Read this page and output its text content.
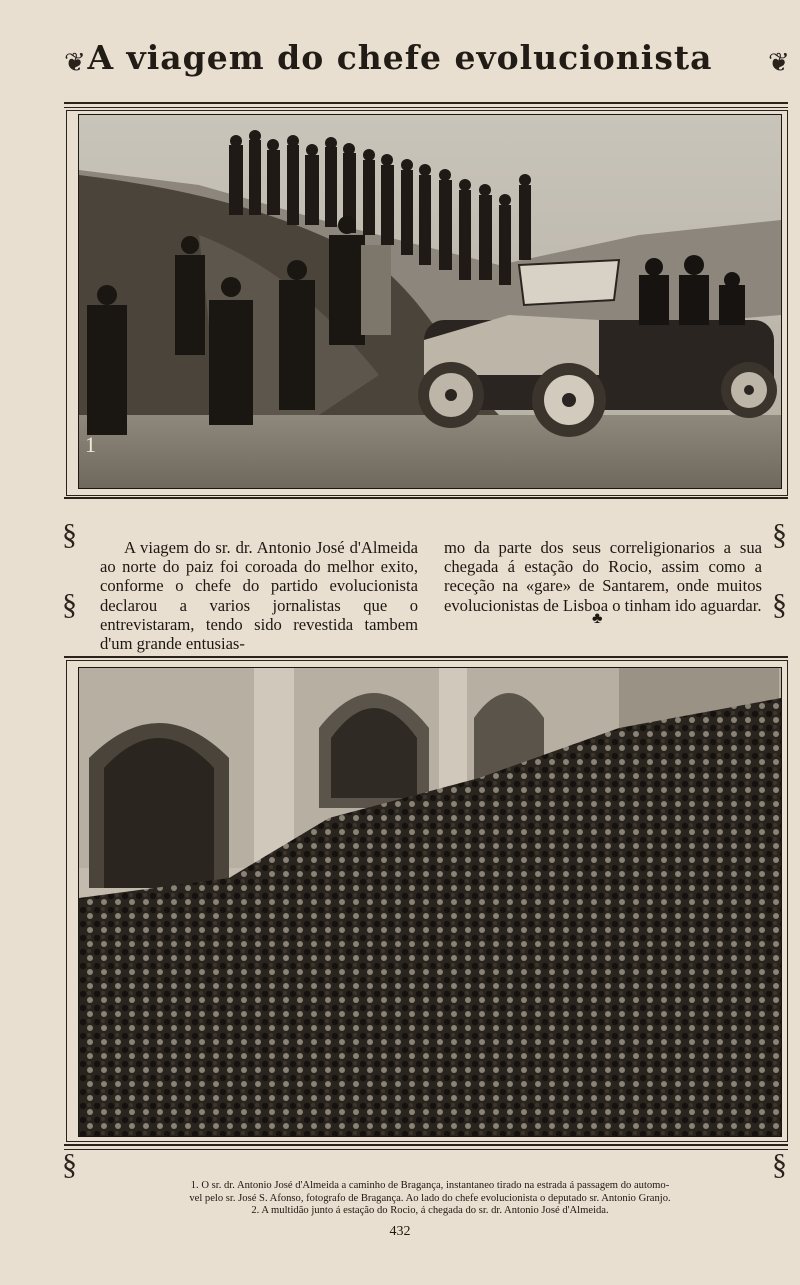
❦	❦
A viagem do chefe evolucionista
1
§
§
§
§

A viagem do sr. dr. Antonio José d'Almeida ao norte do paiz foi coroada do melhor exito, conforme o chefe do partido evolucionista declarou a varios jornalistas que o entrevistaram, tendo sido revestida tambem d'um grande entusias-

mo da parte dos seus correligionarios a sua chegada á estação do Rocio, assim como a receção na «gare» de Santarem, onde muitos evolucionistas de Lisboa o tinham ido aguardar.

♣
§	§
1. O sr. dr. Antonio José d'Almeida a caminho de Bragança, instantaneo tirado na estrada á passagem do automo-
vel pelo sr. José S. Afonso, fotografo de Bragança. Ao lado do chefe evolucionista o deputado sr. Antonio Granjo.
2. A multidão junto á estação do Rocio, á chegada do sr. dr. Antonio José d'Almeida.
432
